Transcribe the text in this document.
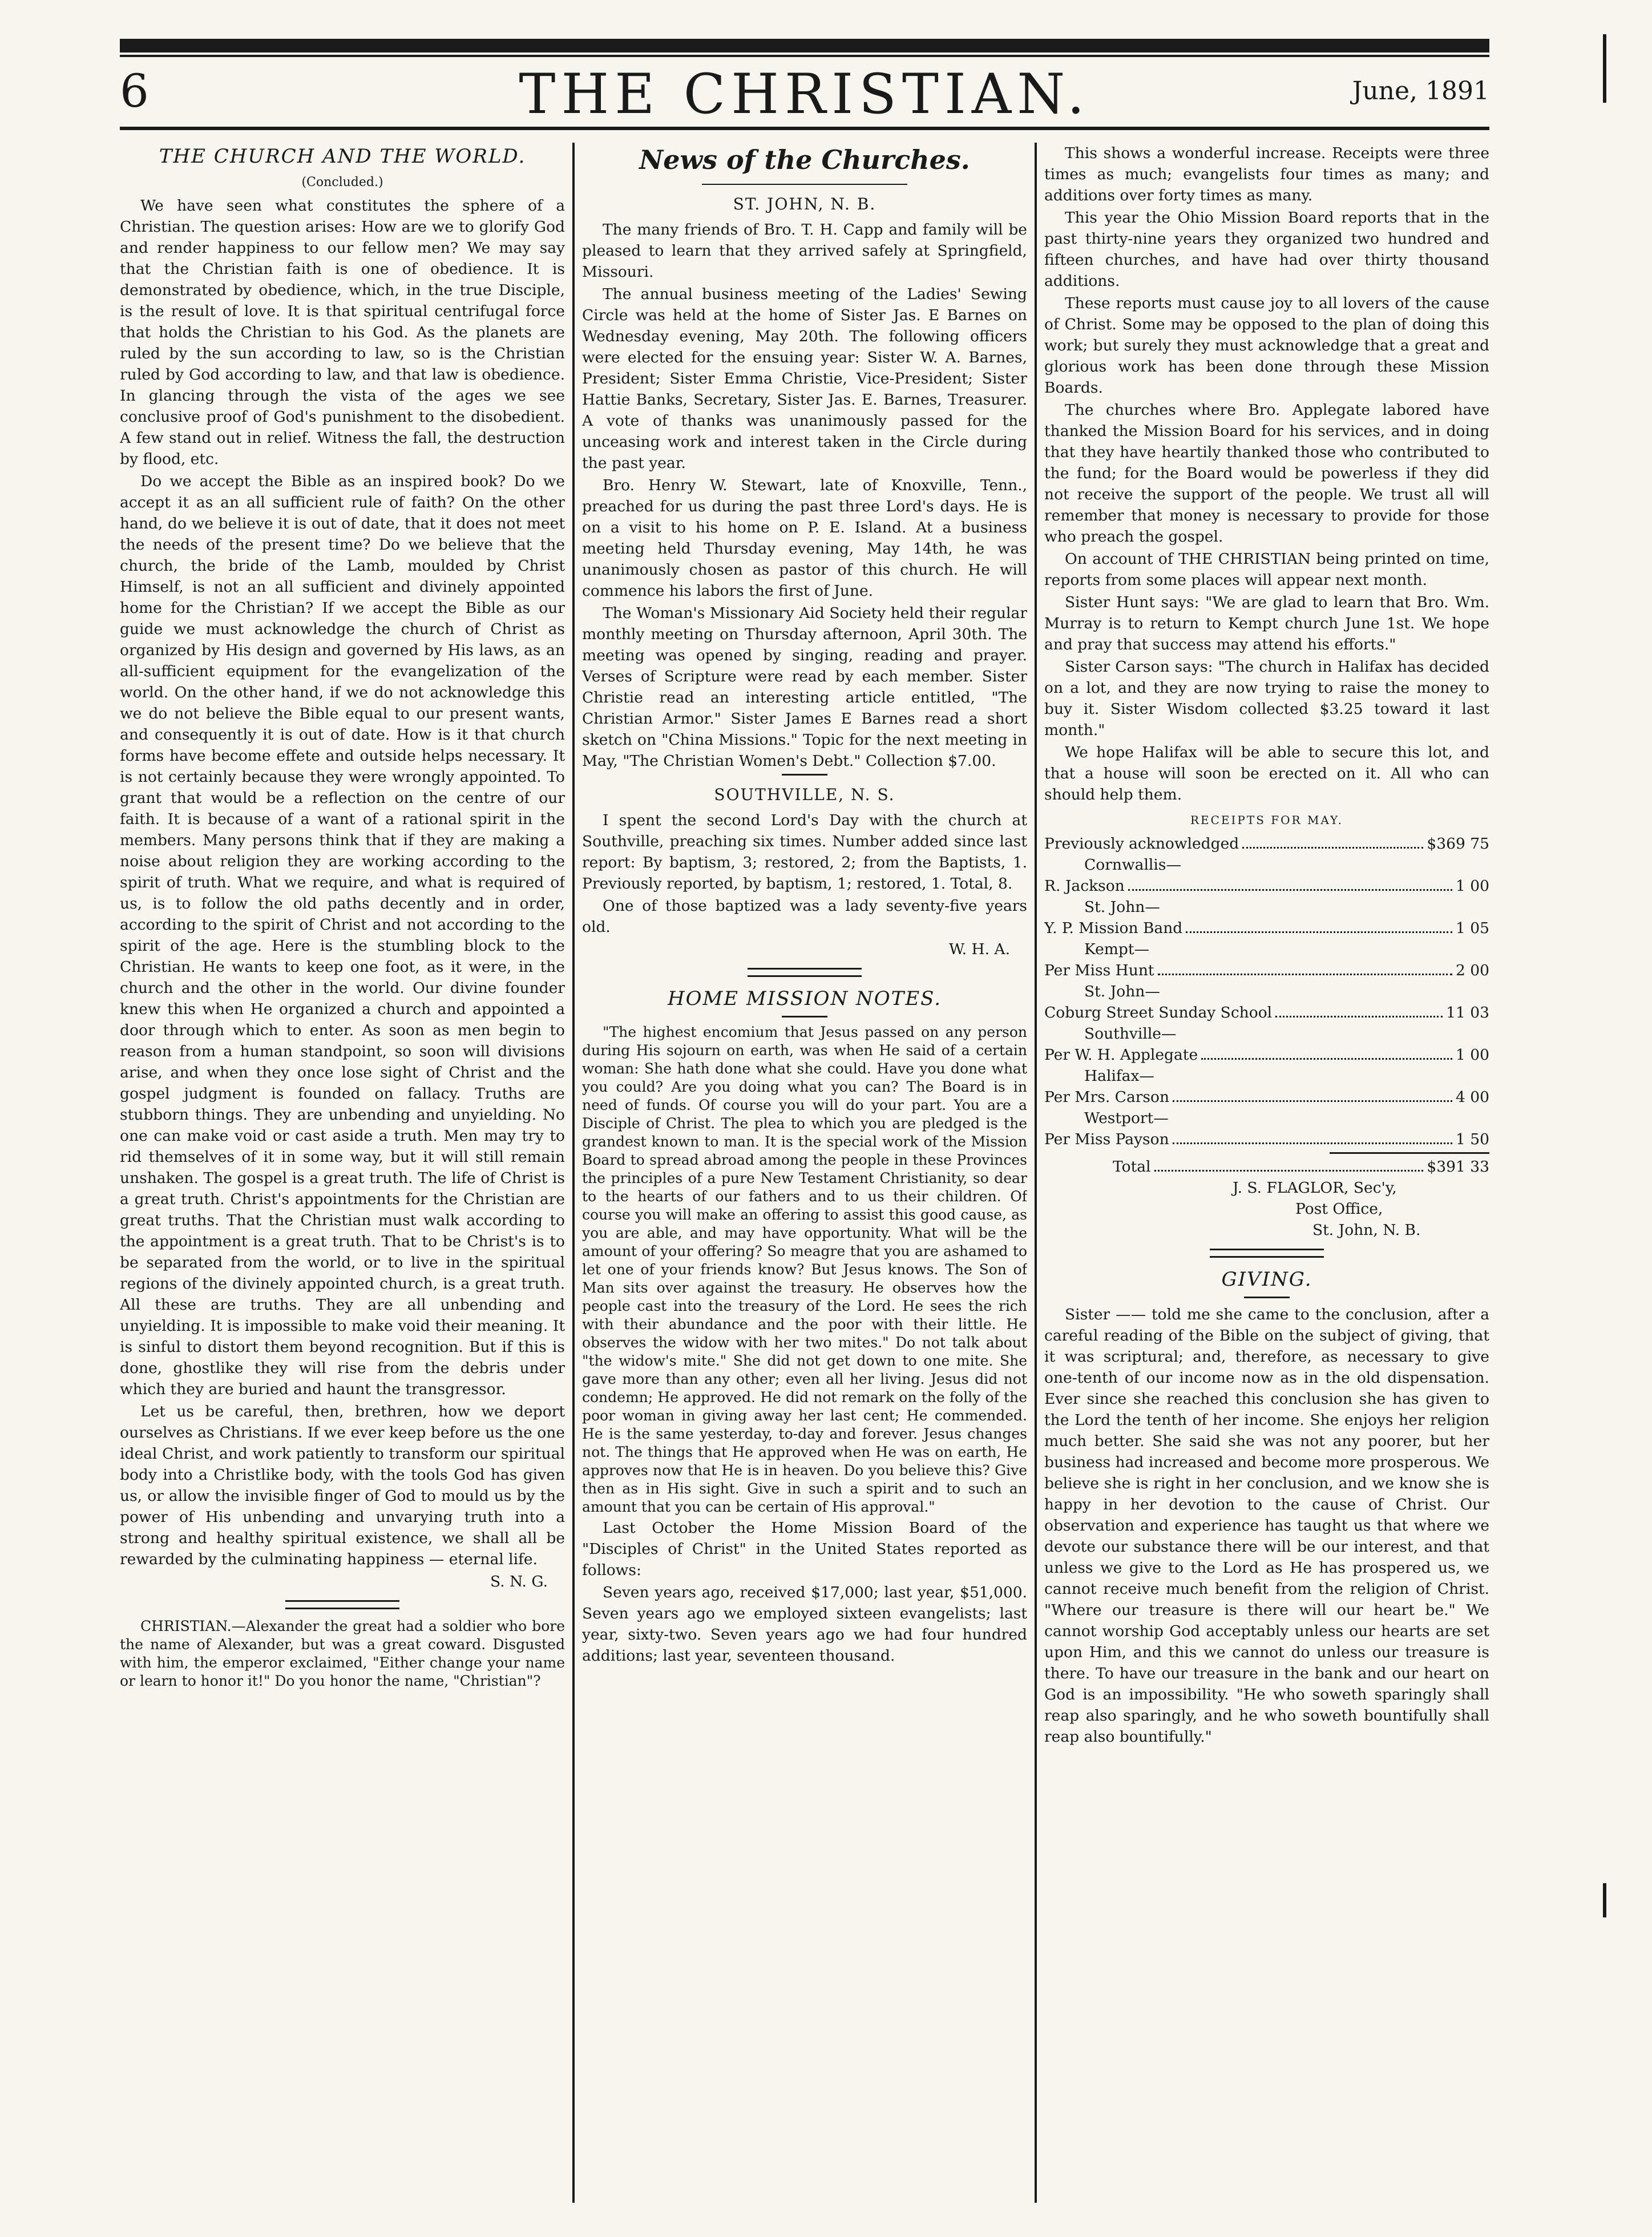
6	THE CHRISTIAN.	June, 1891
THE CHURCH AND THE WORLD.
(Concluded.)

We have seen what constitutes the sphere of a Christian. The question arises: How are we to glorify God and render happiness to our fellow men? We may say that the Christian faith is one of obedience. It is demonstrated by obedience, which, in the true Disciple, is the result of love. It is that spiritual centrifugal force that holds the Christian to his God. As the planets are ruled by the sun according to law, so is the Christian ruled by God according to law, and that law is obedience. In glancing through the vista of the ages we see conclusive proof of God's punishment to the disobedient. A few stand out in relief. Witness the fall, the destruction by flood, etc.

Do we accept the Bible as an inspired book? Do we accept it as an all sufficient rule of faith? On the other hand, do we believe it is out of date, that it does not meet the needs of the present time? Do we believe that the church, the bride of the Lamb, moulded by Christ Himself, is not an all sufficient and divinely appointed home for the Christian? If we accept the Bible as our guide we must acknowledge the church of Christ as organized by His design and governed by His laws, as an all-sufficient equipment for the evangelization of the world. On the other hand, if we do not acknowledge this we do not believe the Bible equal to our present wants, and consequently it is out of date. How is it that church forms have become effete and outside helps necessary. It is not certainly because they were wrongly appointed. To grant that would be a reflection on the centre of our faith. It is because of a want of a rational spirit in the members. Many persons think that if they are making a noise about religion they are working according to the spirit of truth. What we require, and what is required of us, is to follow the old paths decently and in order, according to the spirit of Christ and not according to the spirit of the age. Here is the stumbling block to the Christian. He wants to keep one foot, as it were, in the church and the other in the world. Our divine founder knew this when He organized a church and appointed a door through which to enter. As soon as men begin to reason from a human standpoint, so soon will divisions arise, and when they once lose sight of Christ and the gospel judgment is founded on fallacy. Truths are stubborn things. They are unbending and unyielding. No one can make void or cast aside a truth. Men may try to rid themselves of it in some way, but it will still remain unshaken. The gospel is a great truth. The life of Christ is a great truth. Christ's appointments for the Christian are great truths. That the Christian must walk according to the appointment is a great truth. That to be Christ's is to be separated from the world, or to live in the spiritual regions of the divinely appointed church, is a great truth. All these are truths. They are all unbending and unyielding. It is impossible to make void their meaning. It is sinful to distort them beyond recognition. But if this is done, ghostlike they will rise from the debris under which they are buried and haunt the transgressor.

Let us be careful, then, brethren, how we deport ourselves as Christians. If we ever keep before us the one ideal Christ, and work patiently to transform our spiritual body into a Christlike body, with the tools God has given us, or allow the invisible finger of God to mould us by the power of His unbending and unvarying truth into a strong and healthy spiritual existence, we shall all be rewarded by the culminating happiness — eternal life.

S. N. G.

CHRISTIAN.—Alexander the great had a soldier who bore the name of Alexander, but was a great coward. Disgusted with him, the emperor exclaimed, "Either change your name or learn to honor it!" Do you honor the name, "Christian"?

News of the Churches.
ST. JOHN, N. B.

The many friends of Bro. T. H. Capp and family will be pleased to learn that they arrived safely at Springfield, Missouri.

The annual business meeting of the Ladies' Sewing Circle was held at the home of Sister Jas. E Barnes on Wednesday evening, May 20th. The following officers were elected for the ensuing year: Sister W. A. Barnes, President; Sister Emma Christie, Vice-President; Sister Hattie Banks, Secretary, Sister Jas. E. Barnes, Treasurer. A vote of thanks was unanimously passed for the unceasing work and interest taken in the Circle during the past year.

Bro. Henry W. Stewart, late of Knoxville, Tenn., preached for us during the past three Lord's days. He is on a visit to his home on P. E. Island. At a business meeting held Thursday evening, May 14th, he was unanimously chosen as pastor of this church. He will commence his labors the first of June.

The Woman's Missionary Aid Society held their regular monthly meeting on Thursday afternoon, April 30th. The meeting was opened by singing, reading and prayer. Verses of Scripture were read by each member. Sister Christie read an interesting article entitled, "The Christian Armor." Sister James E Barnes read a short sketch on "China Missions." Topic for the next meeting in May, "The Christian Women's Debt." Collection $7.00.

SOUTHVILLE, N. S.

I spent the second Lord's Day with the church at Southville, preaching six times. Number added since last report: By baptism, 3; restored, 2; from the Baptists, 1. Previously reported, by baptism, 1; restored, 1. Total, 8.

One of those baptized was a lady seventy-five years old.

W. H. A.
HOME MISSION NOTES.

"The highest encomium that Jesus passed on any person during His sojourn on earth, was when He said of a certain woman: She hath done what she could. Have you done what you could? Are you doing what you can? The Board is in need of funds. Of course you will do your part. You are a Disciple of Christ. The plea to which you are pledged is the grandest known to man. It is the special work of the Mission Board to spread abroad among the people in these Provinces the principles of a pure New Testament Christianity, so dear to the hearts of our fathers and to us their children. Of course you will make an offering to assist this good cause, as you are able, and may have opportunity. What will be the amount of your offering? So meagre that you are ashamed to let one of your friends know? But Jesus knows. The Son of Man sits over against the treasury. He observes how the people cast into the treasury of the Lord. He sees the rich with their abundance and the poor with their little. He observes the widow with her two mites." Do not talk about "the widow's mite." She did not get down to one mite. She gave more than any other; even all her living. Jesus did not condemn; He approved. He did not remark on the folly of the poor woman in giving away her last cent; He commended. He is the same yesterday, to-day and forever. Jesus changes not. The things that He approved when He was on earth, He approves now that He is in heaven. Do you believe this? Give then as in His sight. Give in such a spirit and to such an amount that you can be certain of His approval."

Last October the Home Mission Board of the "Disciples of Christ" in the United States reported as follows:

Seven years ago, received $17,000; last year, $51,000. Seven years ago we employed sixteen evangelists; last year, sixty-two. Seven years ago we had four hundred additions; last year, seventeen thousand.

This shows a wonderful increase. Receipts were three times as much; evangelists four times as many; and additions over forty times as many.

This year the Ohio Mission Board reports that in the past thirty-nine years they organized two hundred and fifteen churches, and have had over thirty thousand additions.

These reports must cause joy to all lovers of the cause of Christ. Some may be opposed to the plan of doing this work; but surely they must acknowledge that a great and glorious work has been done through these Mission Boards.

The churches where Bro. Applegate labored have thanked the Mission Board for his services, and in doing that they have heartily thanked those who contributed to the fund; for the Board would be powerless if they did not receive the support of the people. We trust all will remember that money is necessary to provide for those who preach the gospel.

On account of THE CHRISTIAN being printed on time, reports from some places will appear next month.

Sister Hunt says: "We are glad to learn that Bro. Wm. Murray is to return to Kempt church June 1st. We hope and pray that success may attend his efforts."

Sister Carson says: "The church in Halifax has decided on a lot, and they are now trying to raise the money to buy it. Sister Wisdom collected $3.25 toward it last month."

We hope Halifax will be able to secure this lot, and that a house will soon be erected on it. All who can should help them.

RECEIPTS FOR MAY.
Previously acknowledged	$369 75
Cornwallis—
R. Jackson	1 00
St. John—
Y. P. Mission Band	1 05
Kempt—
Per Miss Hunt	2 00
St. John—
Coburg Street Sunday School	11 03
Southville—
Per W. H. Applegate	1 00
Halifax—
Per Mrs. Carson	4 00
Westport—
Per Miss Payson	1 50
Total	$391 33
J. S. FLAGLOR, Sec'y,
Post Office,
St. John, N. B.
GIVING.

Sister —— told me she came to the conclusion, after a careful reading of the Bible on the subject of giving, that it was scriptural; and, therefore, as necessary to give one-tenth of our income now as in the old dispensation. Ever since she reached this conclusion she has given to the Lord the tenth of her income. She enjoys her religion much better. She said she was not any poorer, but her business had increased and become more prosperous. We believe she is right in her conclusion, and we know she is happy in her devotion to the cause of Christ. Our observation and experience has taught us that where we devote our substance there will be our interest, and that unless we give to the Lord as He has prospered us, we cannot receive much benefit from the religion of Christ. "Where our treasure is there will our heart be." We cannot worship God acceptably unless our hearts are set upon Him, and this we cannot do unless our treasure is there. To have our treasure in the bank and our heart on God is an impossibility. "He who soweth sparingly shall reap also sparingly, and he who soweth bountifully shall reap also bountifully."
